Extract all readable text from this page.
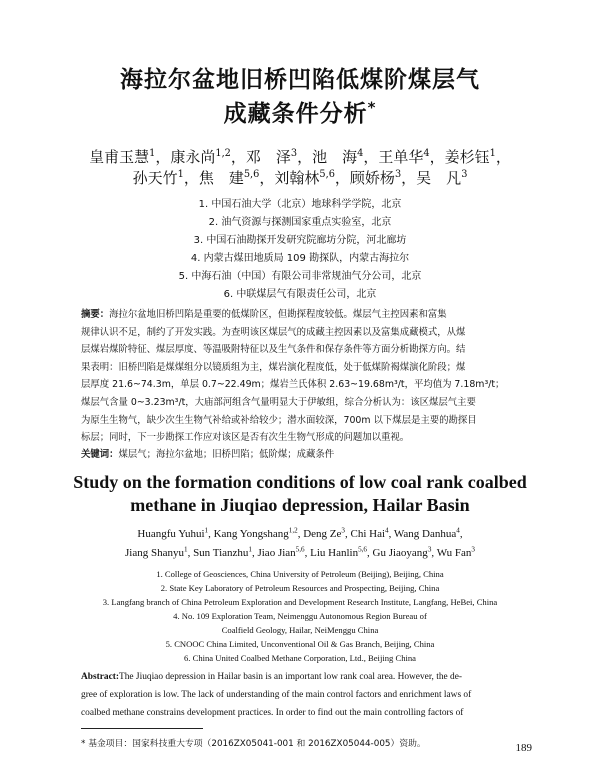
海拉尔盆地旧桥凹陷低煤阶煤层气
成藏条件分析*
皇甫玉慧$^1$，康永尚$^{1,2}$，邓　泽$^3$，池　海$^4$，王单华$^4$，姜杉钰$^1$，
孙天竹$^1$，焦　建$^{5,6}$，刘翰林$^{5,6}$，顾娇杨$^3$，吴　凡$^3$
1. 中国石油大学（北京）地球科学学院，北京
2. 油气资源与探测国家重点实验室，北京
3. 中国石油勘探开发研究院廊坊分院，河北廊坊
4. 内蒙古煤田地质局 109 勘探队，内蒙古海拉尔
5. 中海石油（中国）有限公司非常规油气分公司，北京
6. 中联煤层气有限责任公司，北京
摘要：海拉尔盆地旧桥凹陷是重要的低煤阶区，但勘探程度较低。煤层气主控因素和富集
规律认识不足，制约了开发实践。为查明该区煤层气的成藏主控因素以及富集成藏模式，从煤
层煤岩煤阶特征、煤层厚度、等温吸附特征以及生气条件和保存条件等方面分析勘探方向。结
果表明：旧桥凹陷是煤煤组分以镜质组为主，煤岩演化程度低，处于低煤阶褐煤演化阶段；煤
层厚度 21.6~74.3m，单层 0.7~22.49m；煤岩兰氏体积 2.63~19.68m³/t，平均值为 7.18m³/t；
煤层气含量 0~3.23m³/t，大庙部河组含气量明显大于伊敏组，综合分析认为：该区煤层气主要
为原生生物气，缺少次生生物气补给或补给较少；潜水面较深，700m 以下煤层是主要的勘探目
标层；同时，下一步勘探工作应对该区是否有次生生物气形成的问题加以重视。
关键词：煤层气；海拉尔盆地；旧桥凹陷；低阶煤；成藏条件
Study on the formation conditions of low coal rank coalbed
methane in Jiuqiao depression, Hailar Basin
Huangfu Yuhui$^1$, Kang Yongshang$^{1,2}$, Deng Ze$^3$, Chi Hai$^4$, Wang Danhua$^4$,
Jiang Shanyu$^1$, Sun Tianzhu$^1$, Jiao Jian$^{5,6}$, Liu Hanlin$^{5,6}$, Gu Jiaoyang$^3$, Wu Fan$^3$
1. College of Geosciences, China University of Petroleum (Beijing), Beijing, China
2. State Key Laboratory of Petroleum Resources and Prospecting, Beijing, China
3. Langfang branch of China Petroleum Exploration and Development Research Institute, Langfang, HeBei, China
4. No. 109 Exploration Team, Neimenggu Autonomous Region Bureau of
Coalfield Geology, Hailar, NeiMenggu China
5. CNOOC China Limited, Unconventional Oil & Gas Branch, Beijing, China
6. China United Coalbed Methane Corporation, Ltd., Beijing China
Abstract:The Jiuqiao depression in Hailar basin is an important low rank coal area. However, the de-
gree of exploration is low. The lack of understanding of the main control factors and enrichment laws of
coalbed methane constrains development practices. In order to find out the main controlling factors of
* 基金项目：国家科技重大专项（2016ZX05041-001 和 2016ZX05044-005）资助。	189
